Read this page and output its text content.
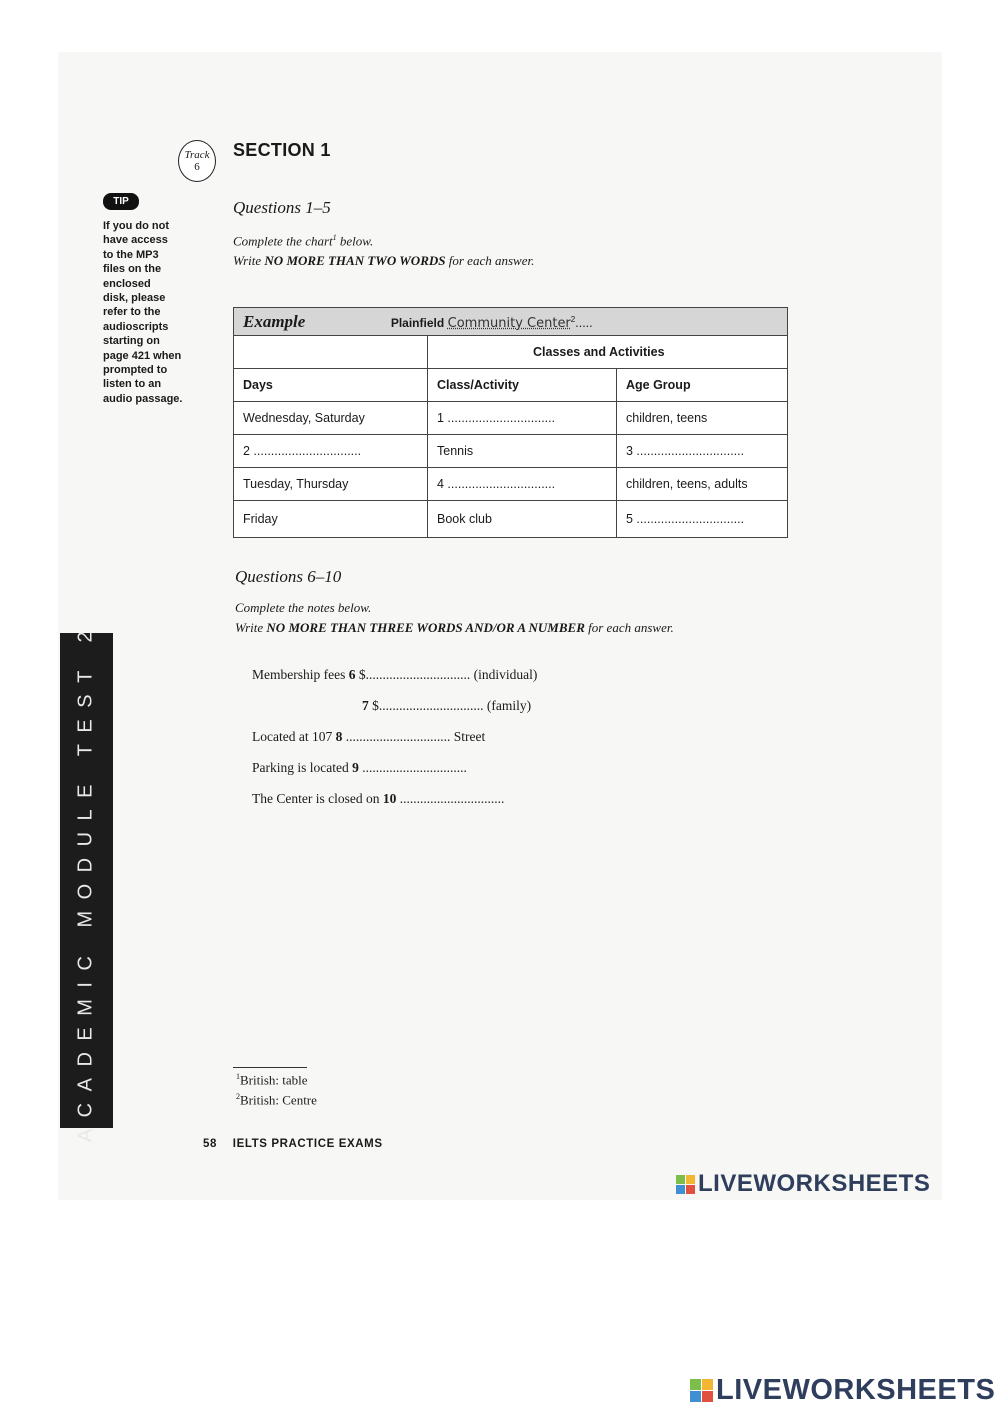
Track
6
SECTION 1
TIP
If you do not
have access
to the MP3
files on the
enclosed
disk, please
refer to the
audioscripts
starting on
page 421 when
prompted to
listen to an
audio passage.
Questions 1–5
Complete the chart$^1$ below.
Write NO MORE THAN TWO WORDS for each answer.
Example Plainfield Community Center$^2$.....		
	Classes and Activities	
Days	Class/Activity	Age Group
Wednesday, Saturday	1 ...............................	children, teens
2 ...............................	Tennis	3 ...............................
Tuesday, Thursday	4 ...............................	children, teens, adults
Friday	Book club	5 ...............................
Questions 6–10
Complete the notes below.
Write NO MORE THAN THREE WORDS AND/OR A NUMBER for each answer.
Membership fees 6 $............................... (individual)
7 $............................... (family)
Located at 107 8 ............................... Street
Parking is located 9 ...............................
The Center is closed on 10 ...............................
ACADEMIC MODULE TEST 2	$^1$British: table
$^2$British: Centre
58 IELTS PRACTICE EXAMS
LIVEWORKSHEETS
LIVEWORKSHEETS
